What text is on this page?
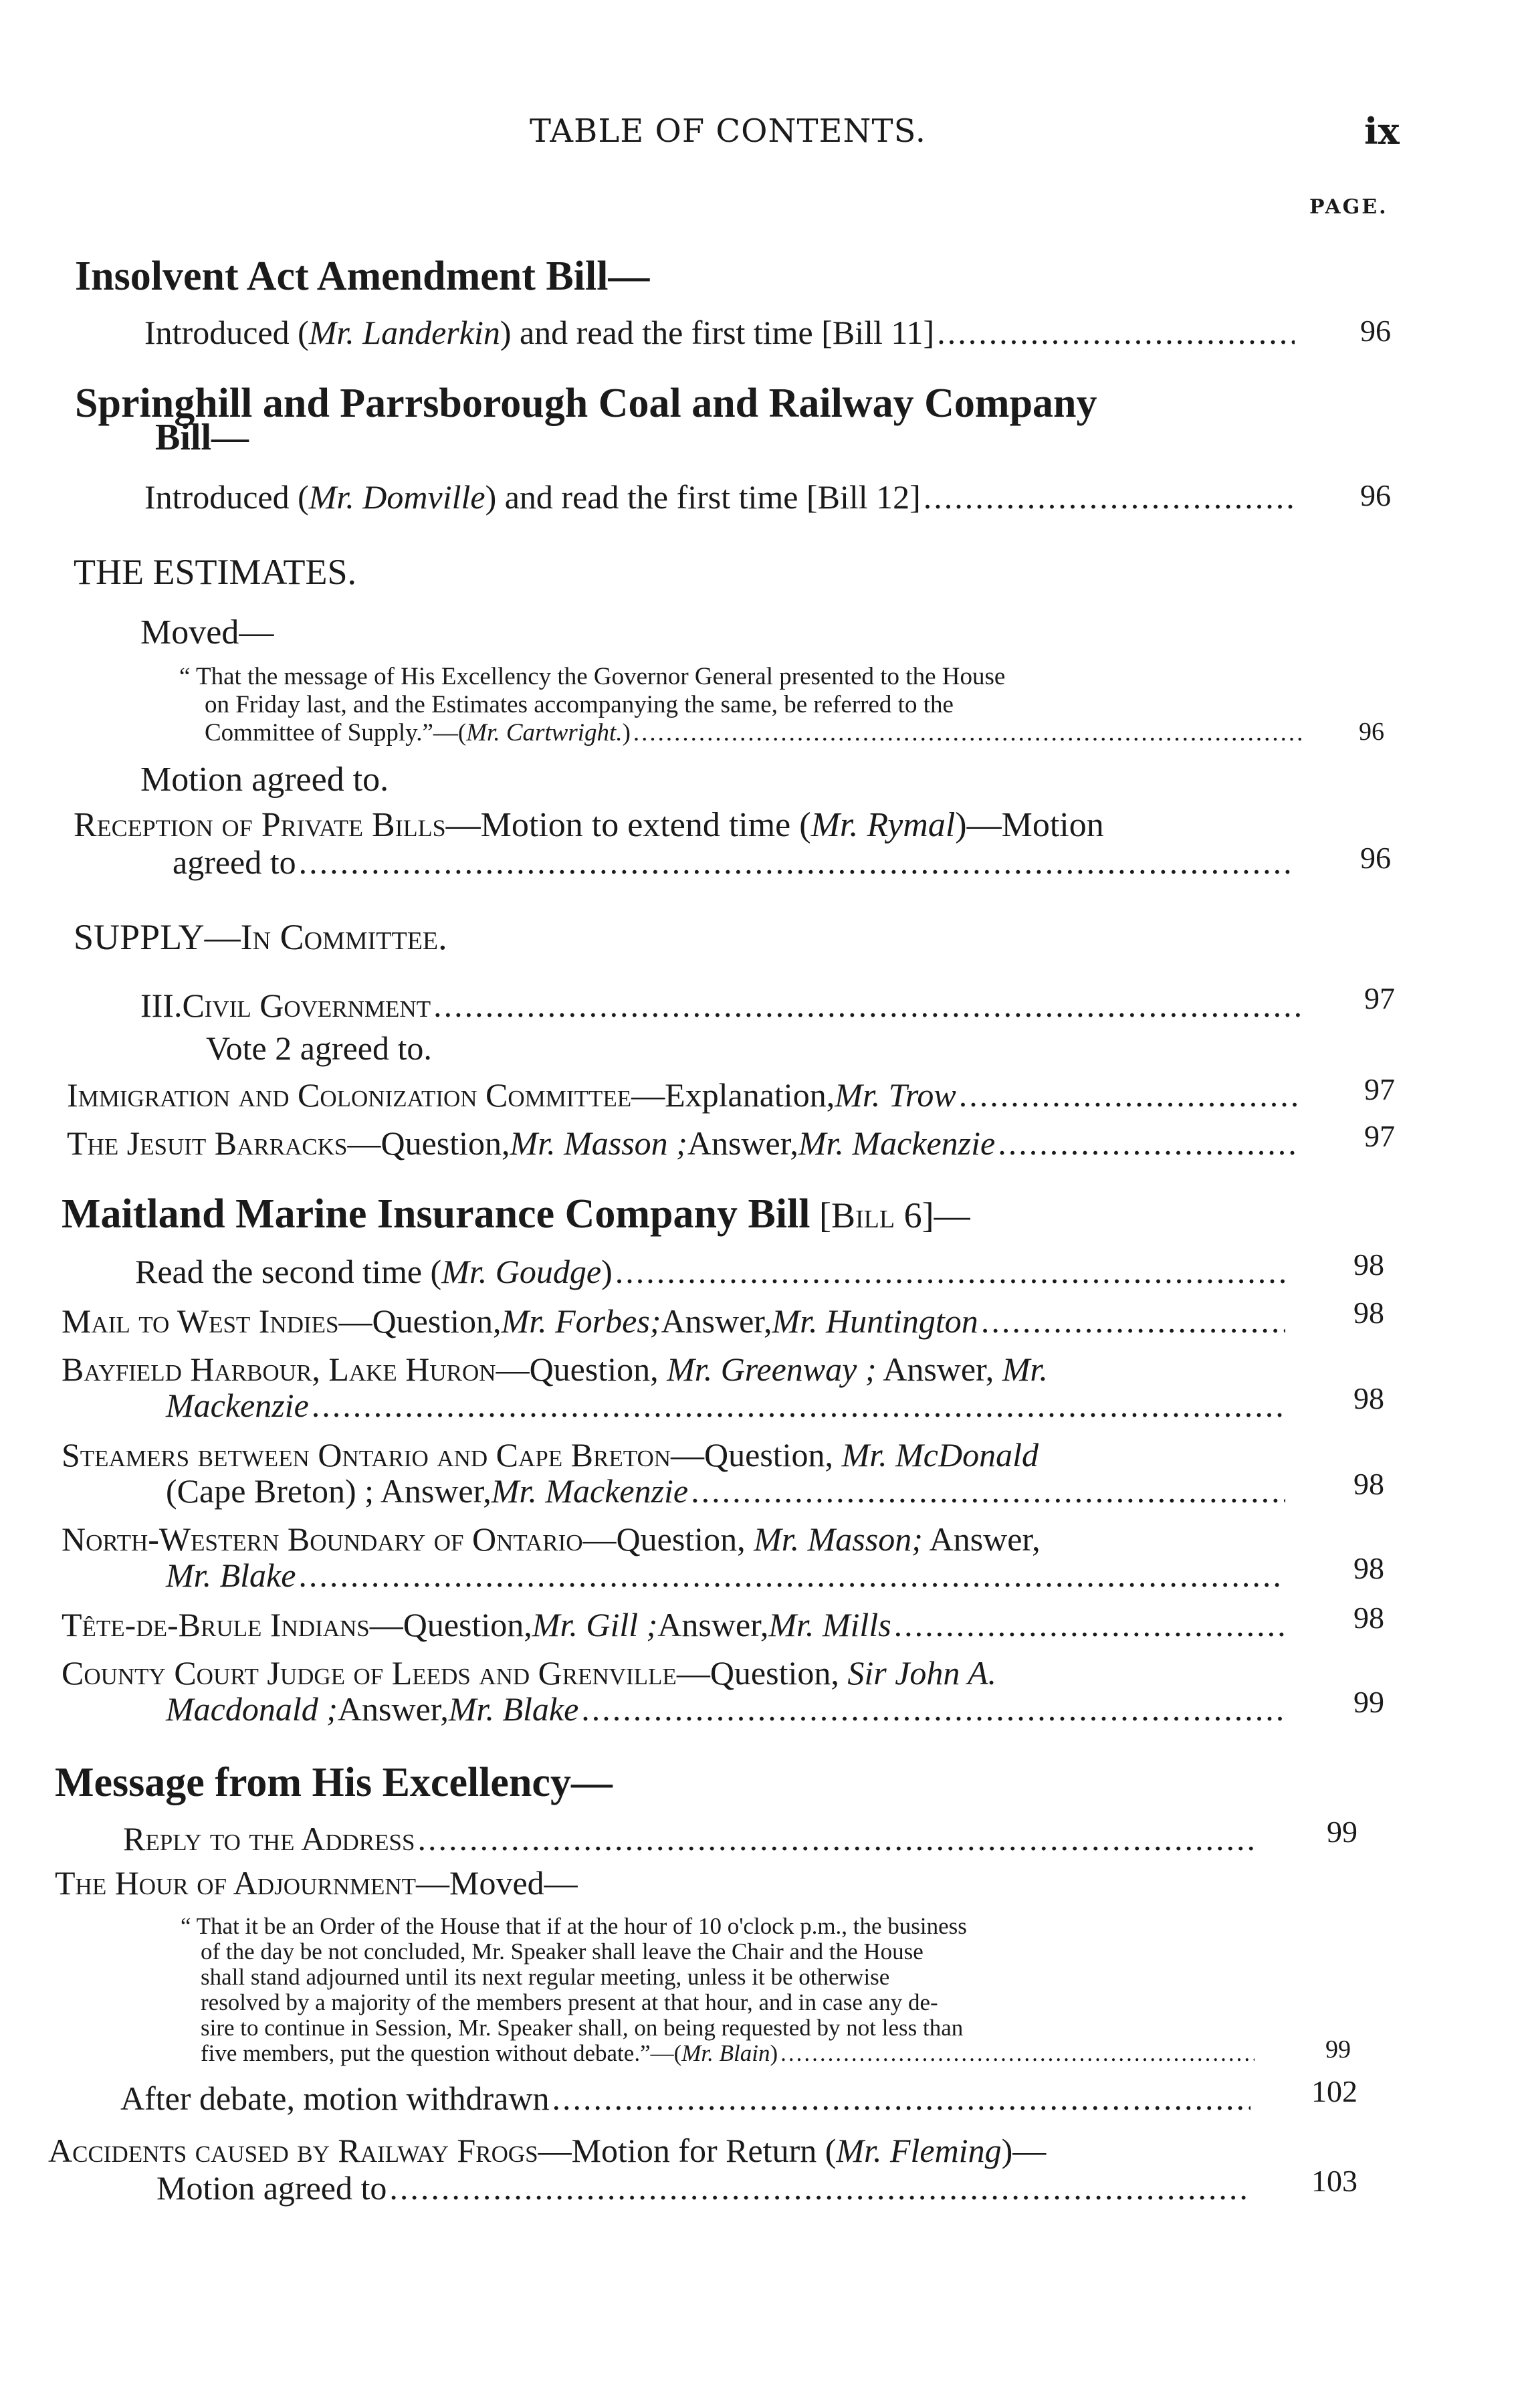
TABLE OF CONTENTS.	ix
PAGE.
Insolvent Act Amendment Bill—
Introduced ( Mr. Landerkin ) and read the first time [Bill 11] .....	96
Springhill and Parrsborough Coal and Railway Company
Bill—
Introduced ( Mr. Domville ) and read the first time [Bill 12] .....	96
THE ESTIMATES.
Moved—
“ That the message of His Excellency the Governor General presented to the House
on Friday last, and the Estimates accompanying the same, be referred to the
Committee of Supply.”—( Mr. Cartwright. ) .....	96
Motion agreed to.
Reception of Private Bills—Motion to extend time (Mr. Rymal)—Motion
agreed to .....	96
SUPPLY—In Committee.
III. Civil Government .....	97
Vote 2 agreed to.
Immigration and Colonization Committee —Explanation, Mr. Trow .....	97
The Jesuit Barracks —Question, Mr. Masson ; Answer, Mr. Mackenzie .....	97
Maitland Marine Insurance Company Bill [Bill 6]—
Read the second time ( Mr. Goudge ) .....	98
Mail to West Indies —Question, Mr. Forbes; Answer, Mr. Huntington .....	98
Bayfield Harbour, Lake Huron—Question, Mr. Greenway ; Answer, Mr.
Mackenzie .....	98
Steamers between Ontario and Cape Breton—Question, Mr. McDonald
(Cape Breton) ; Answer, Mr. Mackenzie .....	98
North-Western Boundary of Ontario—Question, Mr. Masson; Answer,
Mr. Blake .....	98
Tête-de-Brule Indians —Question, Mr. Gill ; Answer, Mr. Mills .....	98
County Court Judge of Leeds and Grenville—Question, Sir John A.
Macdonald ; Answer, Mr. Blake .....	99
Message from His Excellency—
Reply to the Address .....	99
The Hour of Adjournment—Moved—
“ That it be an Order of the House that if at the hour of 10 o'clock p.m., the business
of the day be not concluded, Mr. Speaker shall leave the Chair and the House
shall stand adjourned until its next regular meeting, unless it be otherwise
resolved by a majority of the members present at that hour, and in case any de-
sire to continue in Session, Mr. Speaker shall, on being requested by not less than
five members, put the question without debate.”—( Mr. Blain ) .....	99
After debate, motion withdrawn .....	102
Accidents caused by Railway Frogs—Motion for Return (Mr. Fleming)—
Motion agreed to .....	103
